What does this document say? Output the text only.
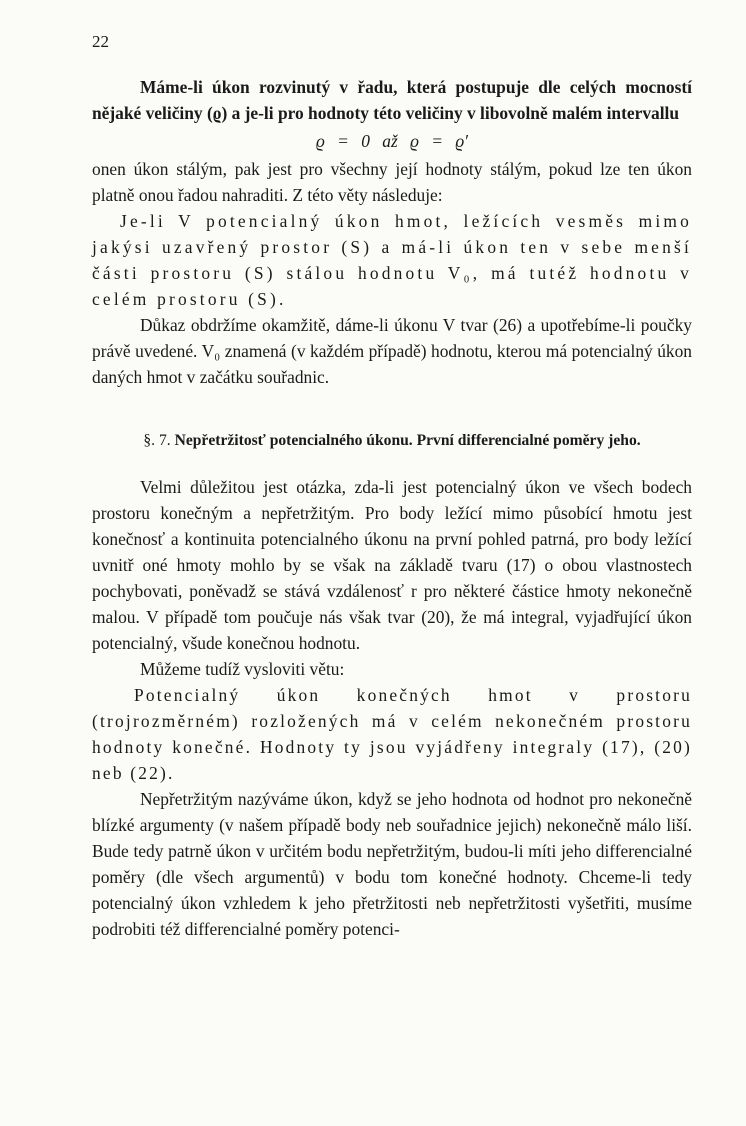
22

Máme-li úkon rozvinutý v řadu, která postupuje dle celých mocností nějaké veličiny (ϱ) a je-li pro hodnoty této veličiny v libovolně malém intervallu

ϱ = 0 až ϱ = ϱ′

onen úkon stálým, pak jest pro všechny její hodnoty stálým, pokud lze ten úkon platně onou řadou nahraditi. Z této věty následuje:

Je-li V potencialný úkon hmot, ležících vesměs mimo jakýsi uzavřený prostor (S) a má-li úkon ten v sebe menší části prostoru (S) stálou hodnotu V₀, má tutéž hodnotu v celém prostoru (S).

Důkaz obdržíme okamžitě, dáme-li úkonu V tvar (26) a upotřebíme-li poučky právě uvedené. V₀ znamená (v každém případě) hodnotu, kterou má potencialný úkon daných hmot v začátku souřadnic.

§. 7. Nepřetržitosť potencialného úkonu. První differencialné poměry jeho.

Velmi důležitou jest otázka, zda-li jest potencialný úkon ve všech bodech prostoru konečným a nepřetržitým. Pro body ležící mimo působící hmotu jest konečnosť a kontinuita potencialného úkonu na první pohled patrná, pro body ležící uvnitř oné hmoty mohlo by se však na základě tvaru (17) o obou vlastnostech pochybovati, poněvadž se stává vzdálenosť r pro některé částice hmoty nekonečně malou. V případě tom poučuje nás však tvar (20), že má integral, vyjadřující úkon potencialný, všude konečnou hodnotu.

Můžeme tudíž vysloviti větu:

Potencialný úkon konečných hmot v prostoru (trojrozměrném) rozložených má v celém nekonečném prostoru hodnoty konečné. Hodnoty ty jsou vyjádřeny integraly (17), (20) neb (22).

Nepřetržitým nazýváme úkon, když se jeho hodnota od hodnot pro nekonečně blízké argumenty (v našem případě body neb souřadnice jejich) nekonečně málo liší. Bude tedy patrně úkon v určitém bodu nepřetržitým, budou-li míti jeho differencialné poměry (dle všech argumentů) v bodu tom konečné hodnoty. Chceme-li tedy potencialný úkon vzhledem k jeho přetržitosti neb nepřetržitosti vyšetřiti, musíme podrobiti též differencialné poměry potenci-
